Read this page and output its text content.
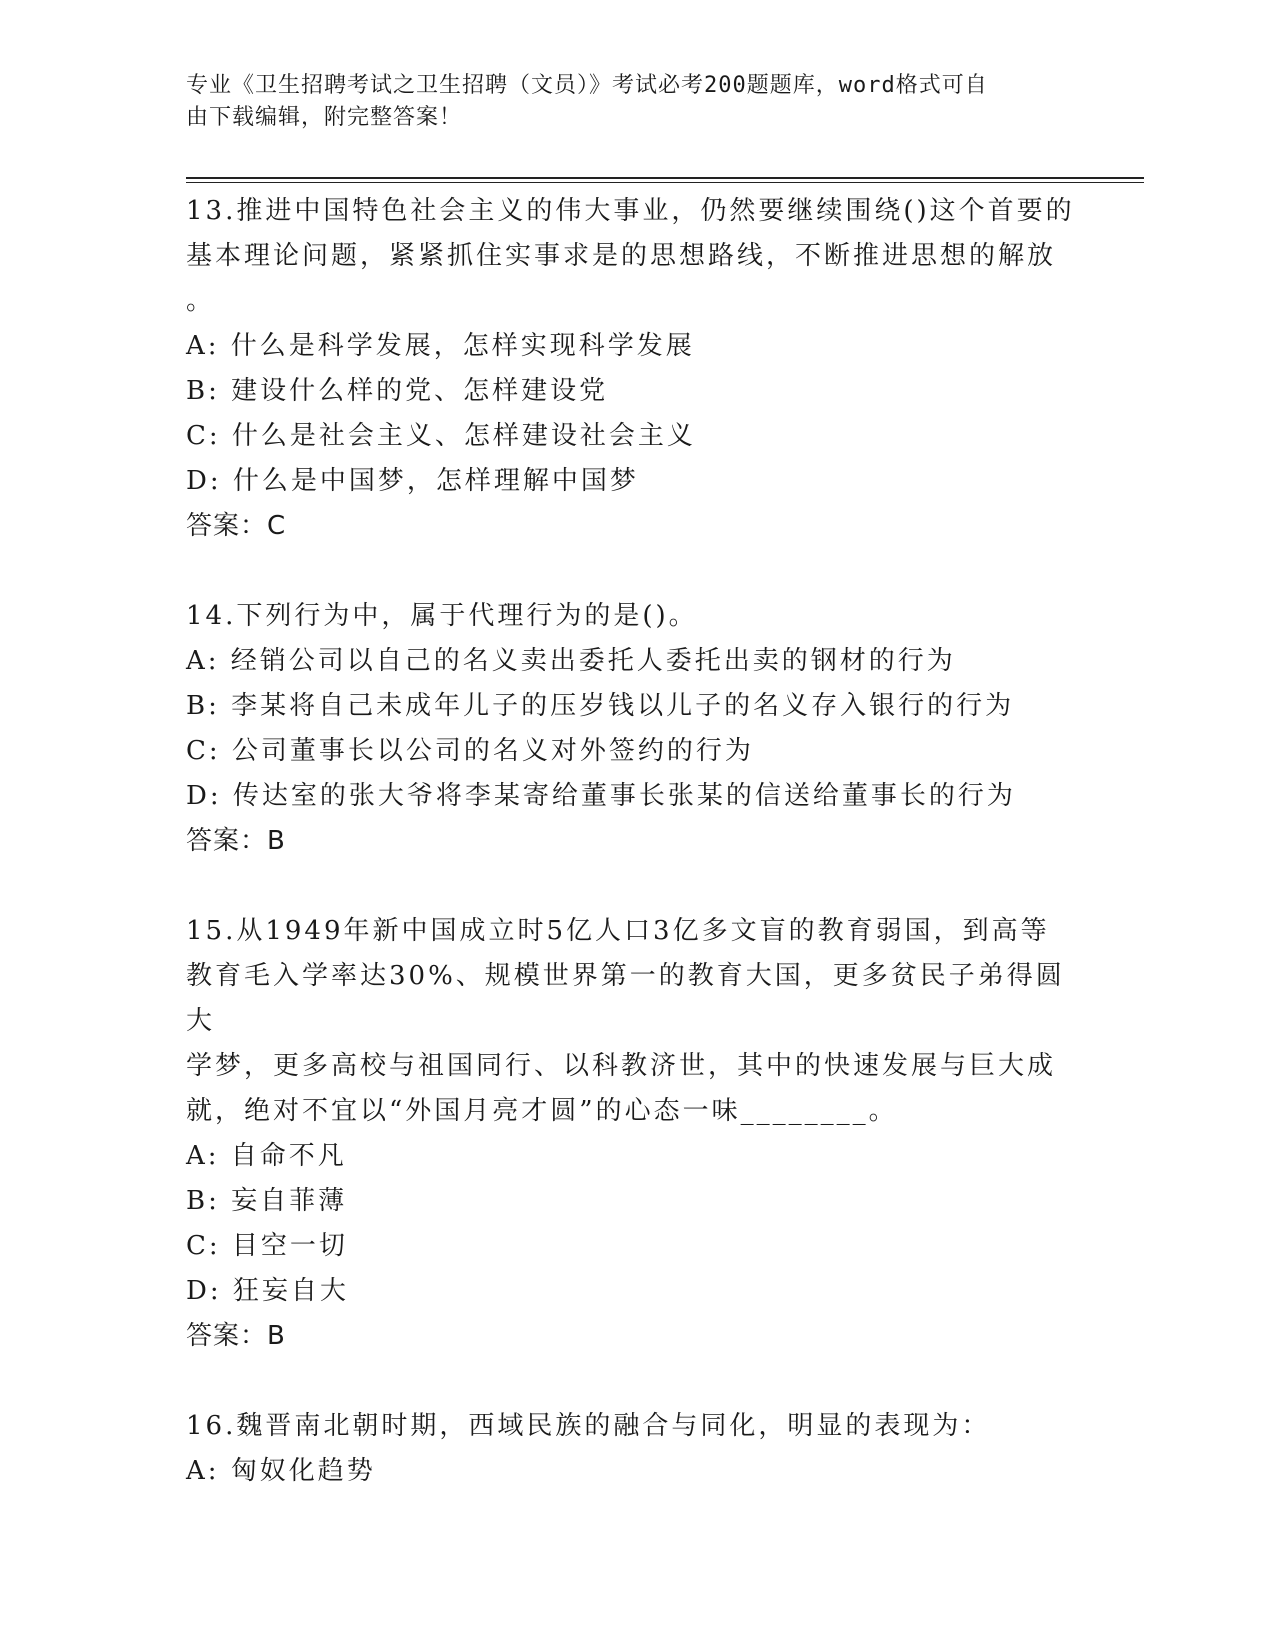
专业《卫生招聘考试之卫生招聘（文员）》考试必考200题题库，word格式可自
由下载编辑，附完整答案！

13.推进中国特色社会主义的伟大事业，仍然要继续围绕()这个首要的

基本理论问题，紧紧抓住实事求是的思想路线，不断推进思想的解放

。

A: 什么是科学发展，怎样实现科学发展

B: 建设什么样的党、怎样建设党

C: 什么是社会主义、怎样建设社会主义

D: 什么是中国梦，怎样理解中国梦

答案：C

14.下列行为中，属于代理行为的是()。

A: 经销公司以自己的名义卖出委托人委托出卖的钢材的行为

B: 李某将自己未成年儿子的压岁钱以儿子的名义存入银行的行为

C: 公司董事长以公司的名义对外签约的行为

D: 传达室的张大爷将李某寄给董事长张某的信送给董事长的行为

答案：B

15.从1949年新中国成立时5亿人口3亿多文盲的教育弱国，到高等

教育毛入学率达30%、规模世界第一的教育大国，更多贫民子弟得圆大

学梦，更多高校与祖国同行、以科教济世，其中的快速发展与巨大成

就，绝对不宜以“外国月亮才圆”的心态一味________。

A: 自命不凡

B: 妄自菲薄

C: 目空一切

D: 狂妄自大

答案：B

16.魏晋南北朝时期，西域民族的融合与同化，明显的表现为：

A: 匈奴化趋势
